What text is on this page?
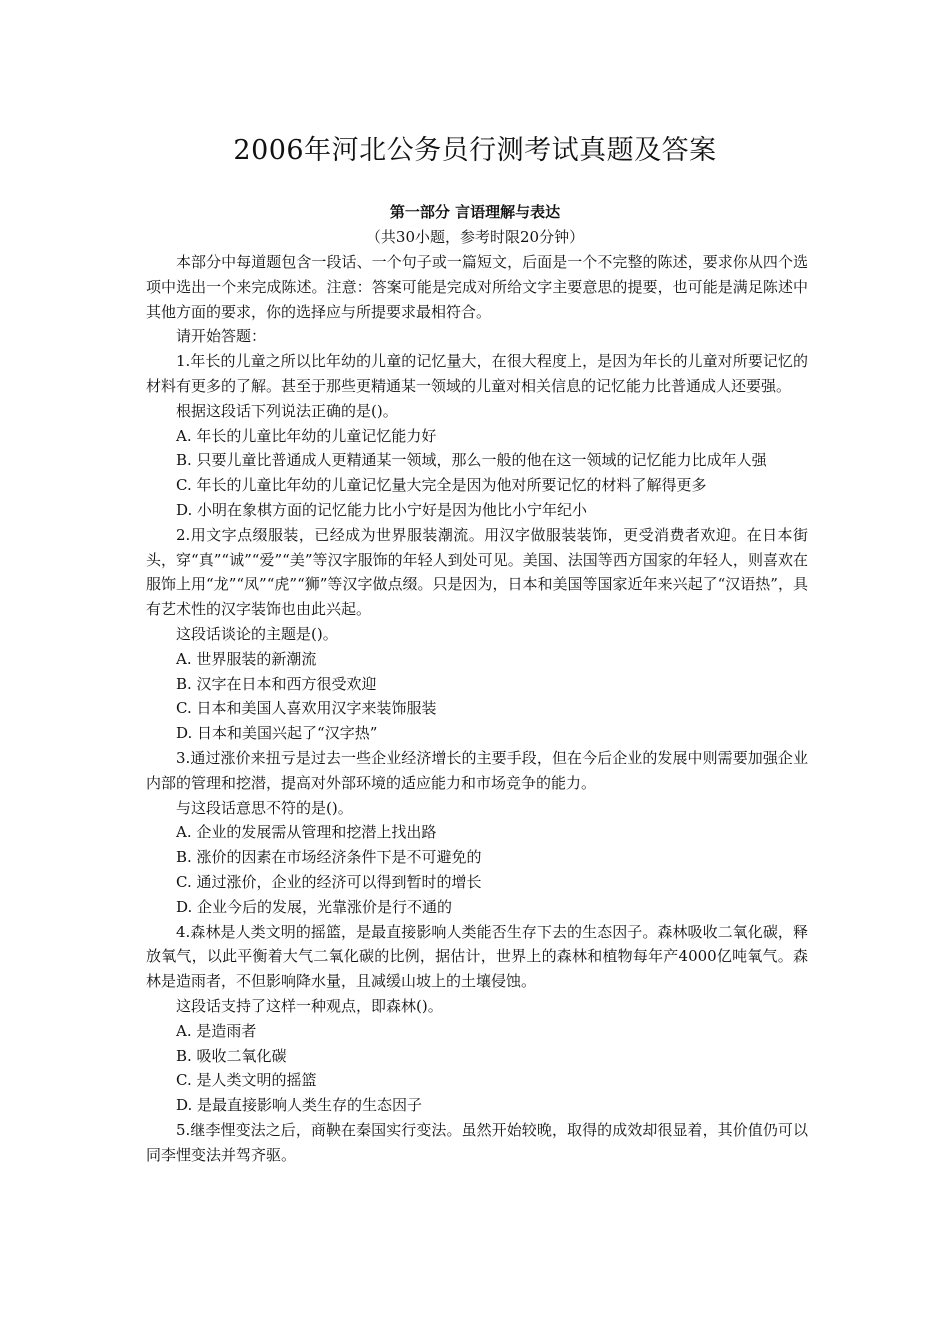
2006年河北公务员行测考试真题及答案
第一部分 言语理解与表达
（共30小题，参考时限20分钟）

本部分中每道题包含一段话、一个句子或一篇短文，后面是一个不完整的陈述，要求你从四个选项中选出一个来完成陈述。注意：答案可能是完成对所给文字主要意思的提要，也可能是满足陈述中其他方面的要求，你的选择应与所提要求最相符合。

请开始答题：

1.年长的儿童之所以比年幼的儿童的记忆量大，在很大程度上，是因为年长的儿童对所要记忆的材料有更多的了解。甚至于那些更精通某一领域的儿童对相关信息的记忆能力比普通成人还要强。

根据这段话下列说法正确的是()。

A. 年长的儿童比年幼的儿童记忆能力好

B. 只要儿童比普通成人更精通某一领域，那么一般的他在这一领域的记忆能力比成年人强

C. 年长的儿童比年幼的儿童记忆量大完全是因为他对所要记忆的材料了解得更多

D. 小明在象棋方面的记忆能力比小宁好是因为他比小宁年纪小

2.用文字点缀服装，已经成为世界服装潮流。用汉字做服装装饰，更受消费者欢迎。在日本街头，穿“真”“诚”“爱”“美”等汉字服饰的年轻人到处可见。美国、法国等西方国家的年轻人，则喜欢在服饰上用“龙”“凤”“虎”“狮”等汉字做点缀。只是因为，日本和美国等国家近年来兴起了“汉语热”，具有艺术性的汉字装饰也由此兴起。

这段话谈论的主题是()。

A. 世界服装的新潮流

B. 汉字在日本和西方很受欢迎

C. 日本和美国人喜欢用汉字来装饰服装

D. 日本和美国兴起了“汉字热”

3.通过涨价来扭亏是过去一些企业经济增长的主要手段，但在今后企业的发展中则需要加强企业内部的管理和挖潜，提高对外部环境的适应能力和市场竞争的能力。

与这段话意思不符的是()。

A. 企业的发展需从管理和挖潜上找出路

B. 涨价的因素在市场经济条件下是不可避免的

C. 通过涨价，企业的经济可以得到暂时的增长

D. 企业今后的发展，光靠涨价是行不通的

4.森林是人类文明的摇篮，是最直接影响人类能否生存下去的生态因子。森林吸收二氧化碳，释放氧气，以此平衡着大气二氧化碳的比例，据估计，世界上的森林和植物每年产4000亿吨氧气。森林是造雨者，不但影响降水量，且减缓山坡上的土壤侵蚀。

这段话支持了这样一种观点，即森林()。

A. 是造雨者

B. 吸收二氧化碳

C. 是人类文明的摇篮

D. 是最直接影响人类生存的生态因子

5.继李悝变法之后，商鞅在秦国实行变法。虽然开始较晚，取得的成效却很显着，其价值仍可以同李悝变法并驾齐驱。
